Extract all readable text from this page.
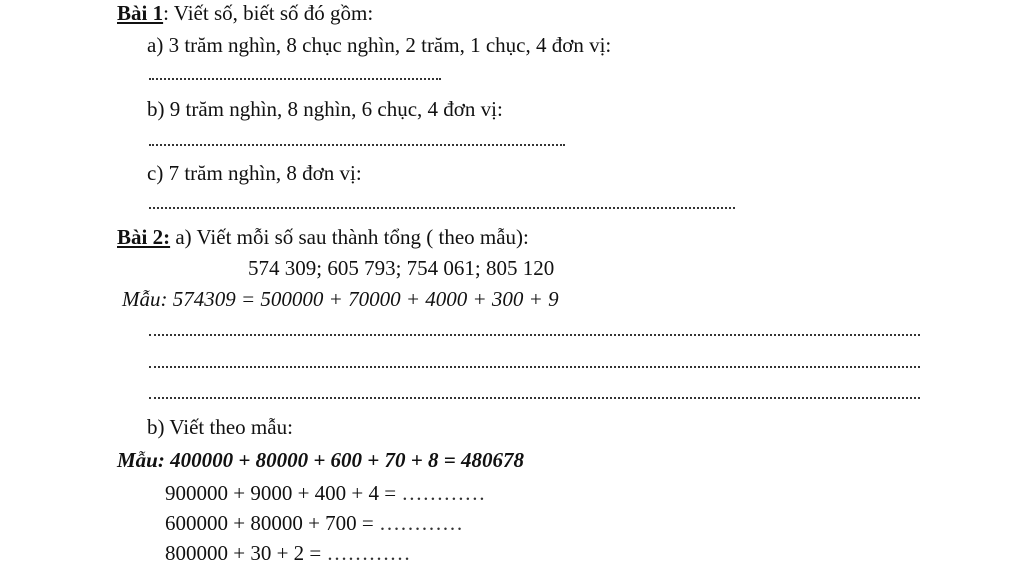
Bài 1: Viết số, biết số đó gồm:
a) 3 trăm nghìn, 8 chục nghìn, 2 trăm, 1 chục, 4 đơn vị:
b) 9 trăm nghìn, 8 nghìn, 6 chục, 4 đơn vị:
c) 7 trăm nghìn, 8 đơn vị:
Bài 2: a) Viết mỗi số sau thành tổng ( theo mẫu):
574 309; 605 793; 754 061; 805 120
Mẫu: 574309 = 500000 + 70000 + 4000 + 300 + 9
b) Viết theo mẫu:
Mẫu: 400000 + 80000 + 600 + 70 + 8 = 480678
900000 + 9000 + 400 + 4 = …………
600000 + 80000 + 700 = …………
800000 + 30 + 2 = …………
